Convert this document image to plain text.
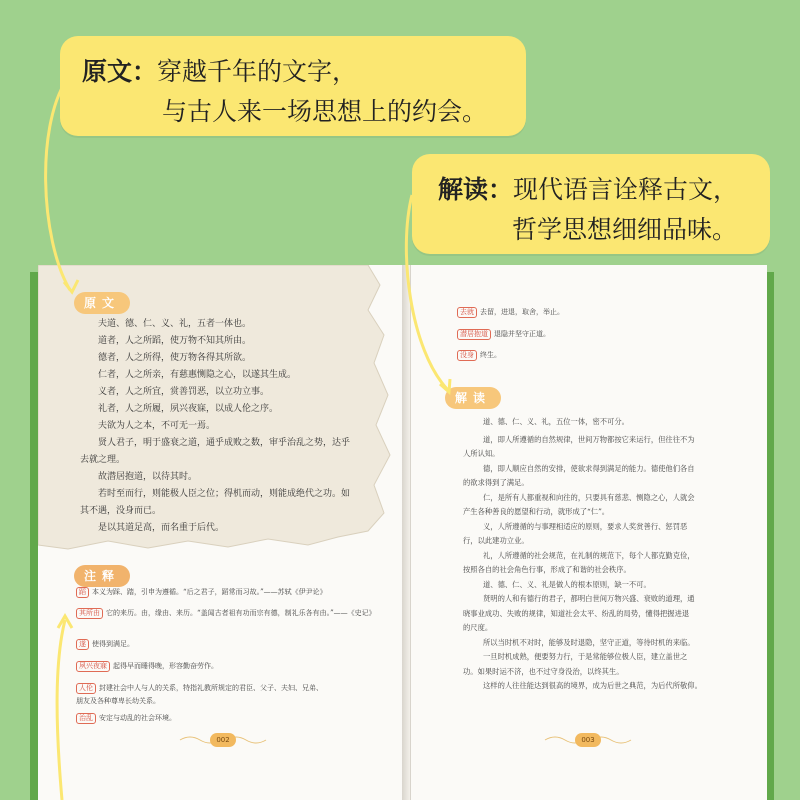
原文
夫道、德、仁、义、礼，五者一体也。
道者，人之所蹈，使万物不知其所由。
德者，人之所得，使万物各得其所欲。
仁者，人之所亲，有慈惠恻隐之心，以遂其生成。
义者，人之所宜，赏善罚恶，以立功立事。
礼者，人之所履，夙兴夜寐，以成人伦之序。
夫欲为人之本，不可无一焉。
贤人君子，明于盛衰之道，通乎成败之数，审乎治乱之势，达乎
去就之理。
故潜居抱道，以待其时。
若时至而行，则能极人臣之位；得机而动，则能成绝代之功。如
其不遇，没身而已。
是以其道足高，而名重于后代。
注释
蹈 本义为踩、踏，引申为遵循。“后之君子，蹈常而习故。”——苏轼《伊尹论》
其所由 它的来历。由，缘由、来历。“盖闻古者祖有功而宗有德，制礼乐各有由。”——《史记》
遂 使得到满足。
夙兴夜寐 起得早而睡得晚，形容勤奋劳作。
人伦 封建社会中人与人的关系，特指礼教所规定的君臣、父子、夫妇、兄弟、
朋友及各种尊卑长幼关系。
治乱 安定与动乱的社会环境。
002
去就 去留，进退，取舍，举止。
潜居抱道 退隐并坚守正道。
没身 终生。
解读
道、德、仁、义、礼，五位一体，密不可分。
道，即人所遵循的自然规律，世间万物都按它来运行，但往往不为
人所认知。
德，即人顺应自然的安排，使欲求得到满足的能力。德使他们各自
的欲求得到了满足。
仁，是所有人都重视和向往的，只要具有慈悲、恻隐之心，人就会
产生各种善良的愿望和行动，就形成了“仁”。
义，人所遵循的与事理相适应的原则，要求人奖赏善行、惩罚恶
行，以此建功立业。
礼，人所遵循的社会规范，在礼制的规范下，每个人都克勤克俭，
按照各自的社会角色行事，形成了和谐的社会秩序。
道、德、仁、义、礼是做人的根本原则，缺一不可。
贤明的人和有德行的君子，都明白世间万物兴盛、衰败的道理，通
晓事业成功、失败的规律，知道社会太平、纷乱的局势，懂得把握进退
的尺度。
所以当时机不对时，能够及时退隐，坚守正道，等待时机的来临。
一旦时机成熟，便要努力行，于是常能够位极人臣，建立盖世之
功。如果时运不济，也不过守身没治，以终其生。
这样的人往往能达到很高的境界，成为后世之典范，为后代所敬仰。
003
原文：穿越千年的文字，
与古人来一场思想上的约会。
解读：现代语言诠释古文，
哲学思想细细品味。
